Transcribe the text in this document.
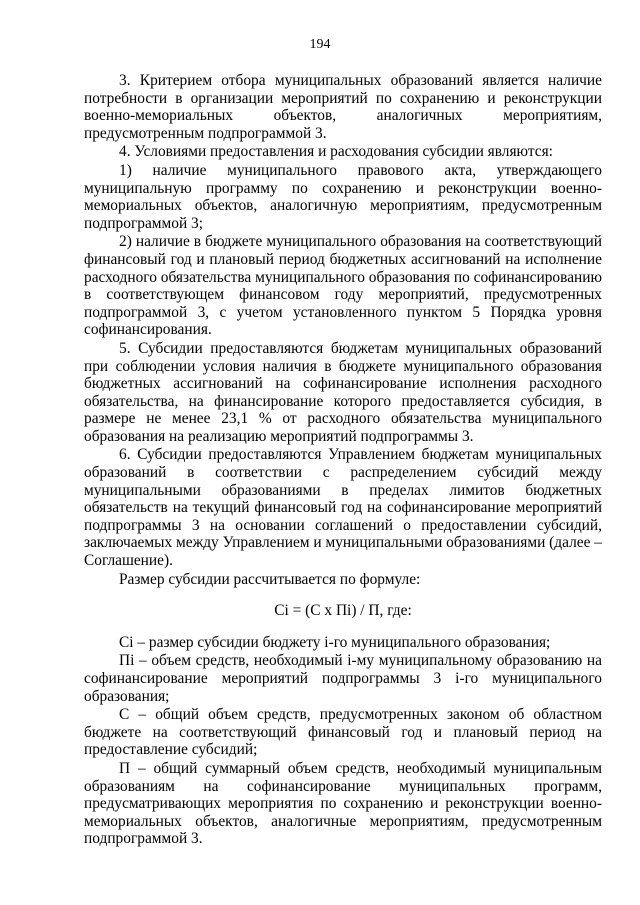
194

3. Критерием отбора муниципальных образований является наличие потребности в организации мероприятий по сохранению и реконструкции военно-мемориальных объектов, аналогичных мероприятиям, предусмотренным подпрограммой 3.

4. Условиями предоставления и расходования субсидии являются:

1) наличие муниципального правового акта, утверждающего муниципальную программу по сохранению и реконструкции военно-мемориальных объектов, аналогичную мероприятиям, предусмотренным подпрограммой 3;

2) наличие в бюджете муниципального образования на соответствующий финансовый год и плановый период бюджетных ассигнований на исполнение расходного обязательства муниципального образования по софинансированию в соответствующем финансовом году мероприятий, предусмотренных подпрограммой 3, с учетом установленного пунктом 5 Порядка уровня софинансирования.

5. Субсидии предоставляются бюджетам муниципальных образований при соблюдении условия наличия в бюджете муниципального образования бюджетных ассигнований на софинансирование исполнения расходного обязательства, на финансирование которого предоставляется субсидия, в размере не менее 23,1 % от расходного обязательства муниципального образования на реализацию мероприятий подпрограммы 3.

6. Субсидии предоставляются Управлением бюджетам муниципальных образований в соответствии с распределением субсидий между муниципальными образованиями в пределах лимитов бюджетных обязательств на текущий финансовый год на софинансирование мероприятий подпрограммы 3 на основании соглашений о предоставлении субсидий, заключаемых между Управлением и муниципальными образованиями (далее – Соглашение).

Размер субсидии рассчитывается по формуле:

Ci = (C x Пi) / П, где:

Ci – размер субсидии бюджету i-го муниципального образования;

Пi – объем средств, необходимый i-му муниципальному образованию на софинансирование мероприятий подпрограммы 3 i-го муниципального образования;

C – общий объем средств, предусмотренных законом об областном бюджете на соответствующий финансовый год и плановый период на предоставление субсидий;

П – общий суммарный объем средств, необходимый муниципальным образованиям на софинансирование муниципальных программ, предусматривающих мероприятия по сохранению и реконструкции военно-мемориальных объектов, аналогичные мероприятиям, предусмотренным подпрограммой 3.
